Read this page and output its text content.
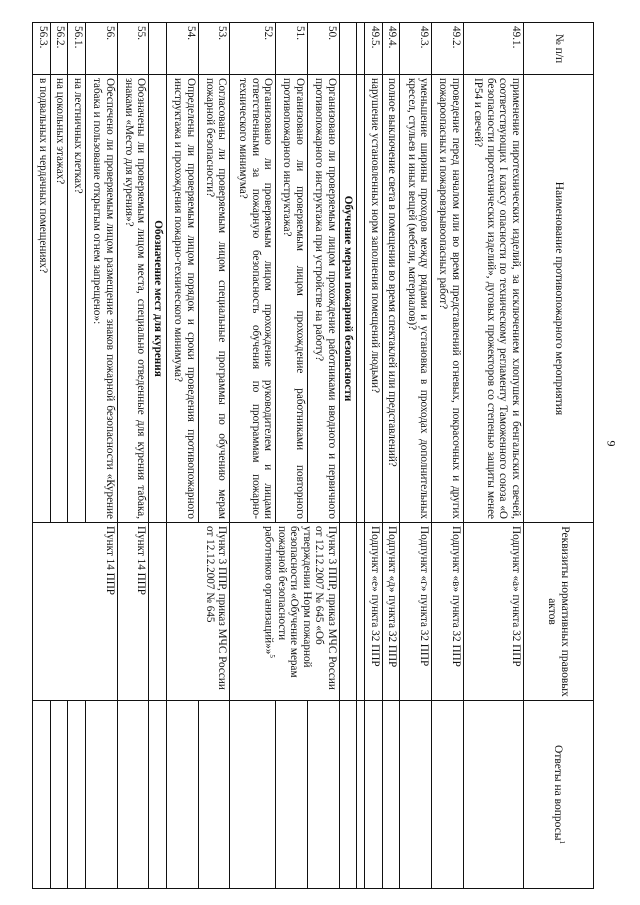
9
№ п/п	Наименование противопожарного мероприятия	Реквизиты нормативных правовых актов	Ответы на вопросы$^1$
49.1.	применение пиротехнических изделий, за исключением хлопушек и бенгальских свечей, соответствующих I классу опасности по техническому регламенту Таможенного союза «О безопасности пиротехнических изделий», дуговых прожекторов со степенью защиты менее IP54 и свечей?	Подпункт «а» пункта 32 ППР	
49.2.	проведение перед началом или во время представлений огневых, покрасочных и других пожароопасных и пожаровзрывоопасных работ?	Подпункт «в» пункта 32 ППР	
49.3.	уменьшение ширины проходов между рядами и установка в проходах дополнительных кресел, стульев и иных вещей (мебели, материалов)?	Подпункт «г» пункта 32 ППР	
49.4.	полное выключение света в помещении во время спектаклей или представлений?	Подпункт «д» пункта 32 ППР	
49.5.	нарушение установленных норм заполнения помещений людьми?	Подпункт «е» пункта 32 ППР	

	Обучение мерам пожарной безопасности		
50.	Организовано ли проверяемым лицом прохождение работниками вводного и первичного противопожарного инструктажа при устройстве на работу?	Пункт 3 ППР, приказ МЧС России от 12.12.2007 № 645 «Об утверждении Норм пожарной безопасности «Обучение мерам пожарной безопасности работников организаций»»$^5$	
51.	Организовано ли проверяемым лицом прохождение работниками повторного противопожарного инструктажа?		
52.	Организовано ли проверяемым лицом прохождение руководителем и лицами ответственными за пожарную безопасность обучения по программам пожарно-технического минимума?		
53.	Согласованы ли проверяемым лицом специальные программы по обучению мерам пожарной безопасности?	Пункт 3 ППР, приказ МЧС России от 12.12.2007 № 645	
54.	Определены ли проверяемым лицом порядок и сроки проведения противопожарного инструктажа и прохождения пожарно-технического минимума?		
	Обозначение мест для курения		
55.	Обозначены ли проверяемым лицом места, специально отведенные для курения табака, знаками «Место для курения»?	Пункт 14 ППР	
56.	Обеспечено ли проверяемым лицом размещение знаков пожарной безопасности «Курение табака и пользование открытым огнем запрещено»:	Пункт 14 ППР	
56.1.	на лестничных клетках?		
56.2.	на цокольных этажах?		
56.3.	в подвальных и чердачных помещениях?		
